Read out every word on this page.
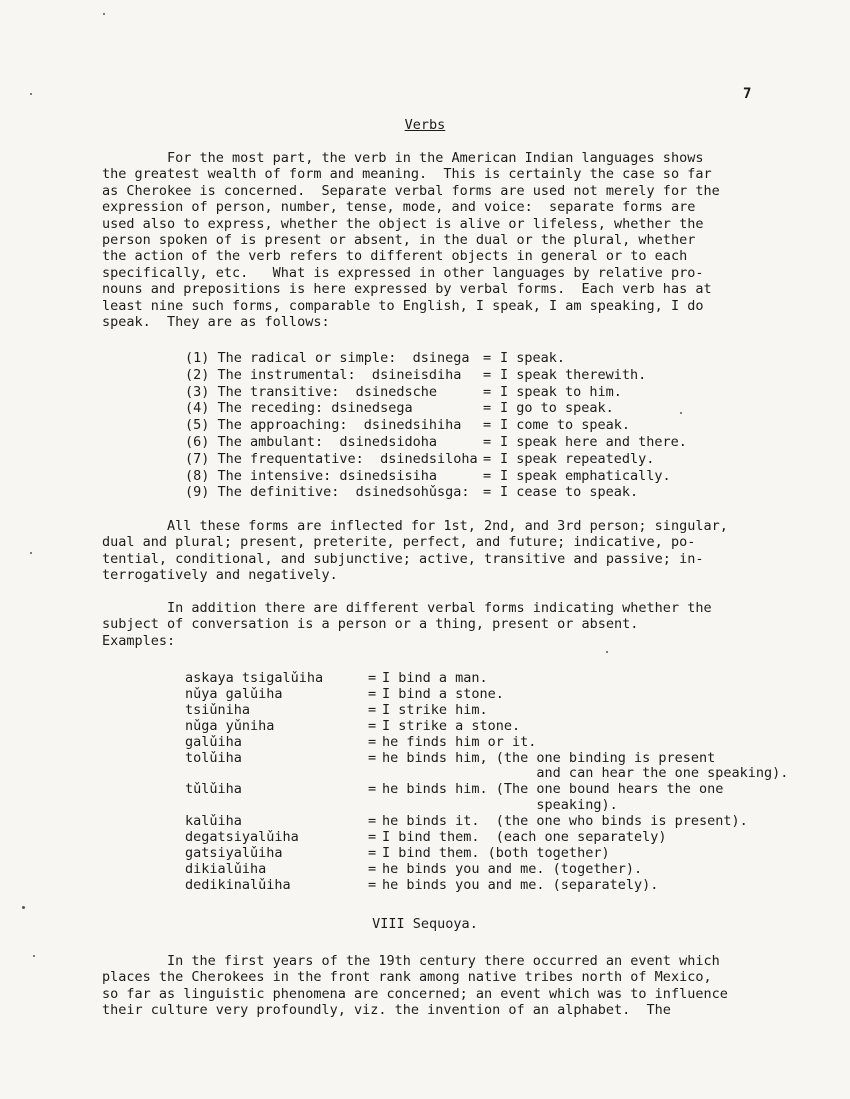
7
Verbs
For the most part, the verb in the American Indian languages shows
the greatest wealth of form and meaning.  This is certainly the case so far
as Cherokee is concerned.  Separate verbal forms are used not merely for the
expression of person, number, tense, mode, and voice:  separate forms are
used also to express, whether the object is alive or lifeless, whether the
person spoken of is present or absent, in the dual or the plural, whether
the action of the verb refers to different objects in general or to each
specifically, etc.   What is expressed in other languages by relative pro-
nouns and prepositions is here expressed by verbal forms.  Each verb has at
least nine such forms, comparable to English, I speak, I am speaking, I do
speak.  They are as follows:
(1) The radical or simple:  dsinega = I speak.
(2) The instrumental:  dsineisdiha = I speak therewith.
(3) The transitive:  dsinedsche	= I speak to him.
(4) The receding: dsinedsega	= I go to speak.
(5) The approaching:  dsinedsihiha = I come to speak.
(6) The ambulant:  dsinedsidoha	= I speak here and there.
(7) The frequentative:  dsinedsiloha = I speak repeatedly.
(8) The intensive: dsinedsisiha	= I speak emphatically.
(9) The definitive:  dsinedsohǔsga: = I cease to speak.
All these forms are inflected for 1st, 2nd, and 3rd person; singular,
dual and plural; present, preterite, perfect, and future; indicative, po-
tential, conditional, and subjunctive; active, transitive and passive; in-
terrogatively and negatively.
In addition there are different verbal forms indicating whether the
subject of conversation is a person or a thing, present or absent.
Examples:
askaya tsigalǔiha	= I bind a man.
nǔya galǔiha	= I bind a stone.
tsiǔniha	= I strike him.
nǔga yǔniha	= I strike a stone.
galǔiha	= he finds him or it.
tolǔiha	= he binds him, (the one binding is present
and can hear the one speaking).
tǔlǔiha	= he binds him. (The one bound hears the one
speaking).
kalǔiha	= he binds it.  (the one who binds is present).
degatsiyalǔiha	= I bind them.  (each one separately)
gatsiyalǔiha	= I bind them. (both together)
dikialǔiha	= he binds you and me. (together).
dedikinalǔiha	= he binds you and me. (separately).
VIII Sequoya.
In the first years of the 19th century there occurred an event which
places the Cherokees in the front rank among native tribes north of Mexico,
so far as linguistic phenomena are concerned; an event which was to influence
their culture very profoundly, viz. the invention of an alphabet.  The
